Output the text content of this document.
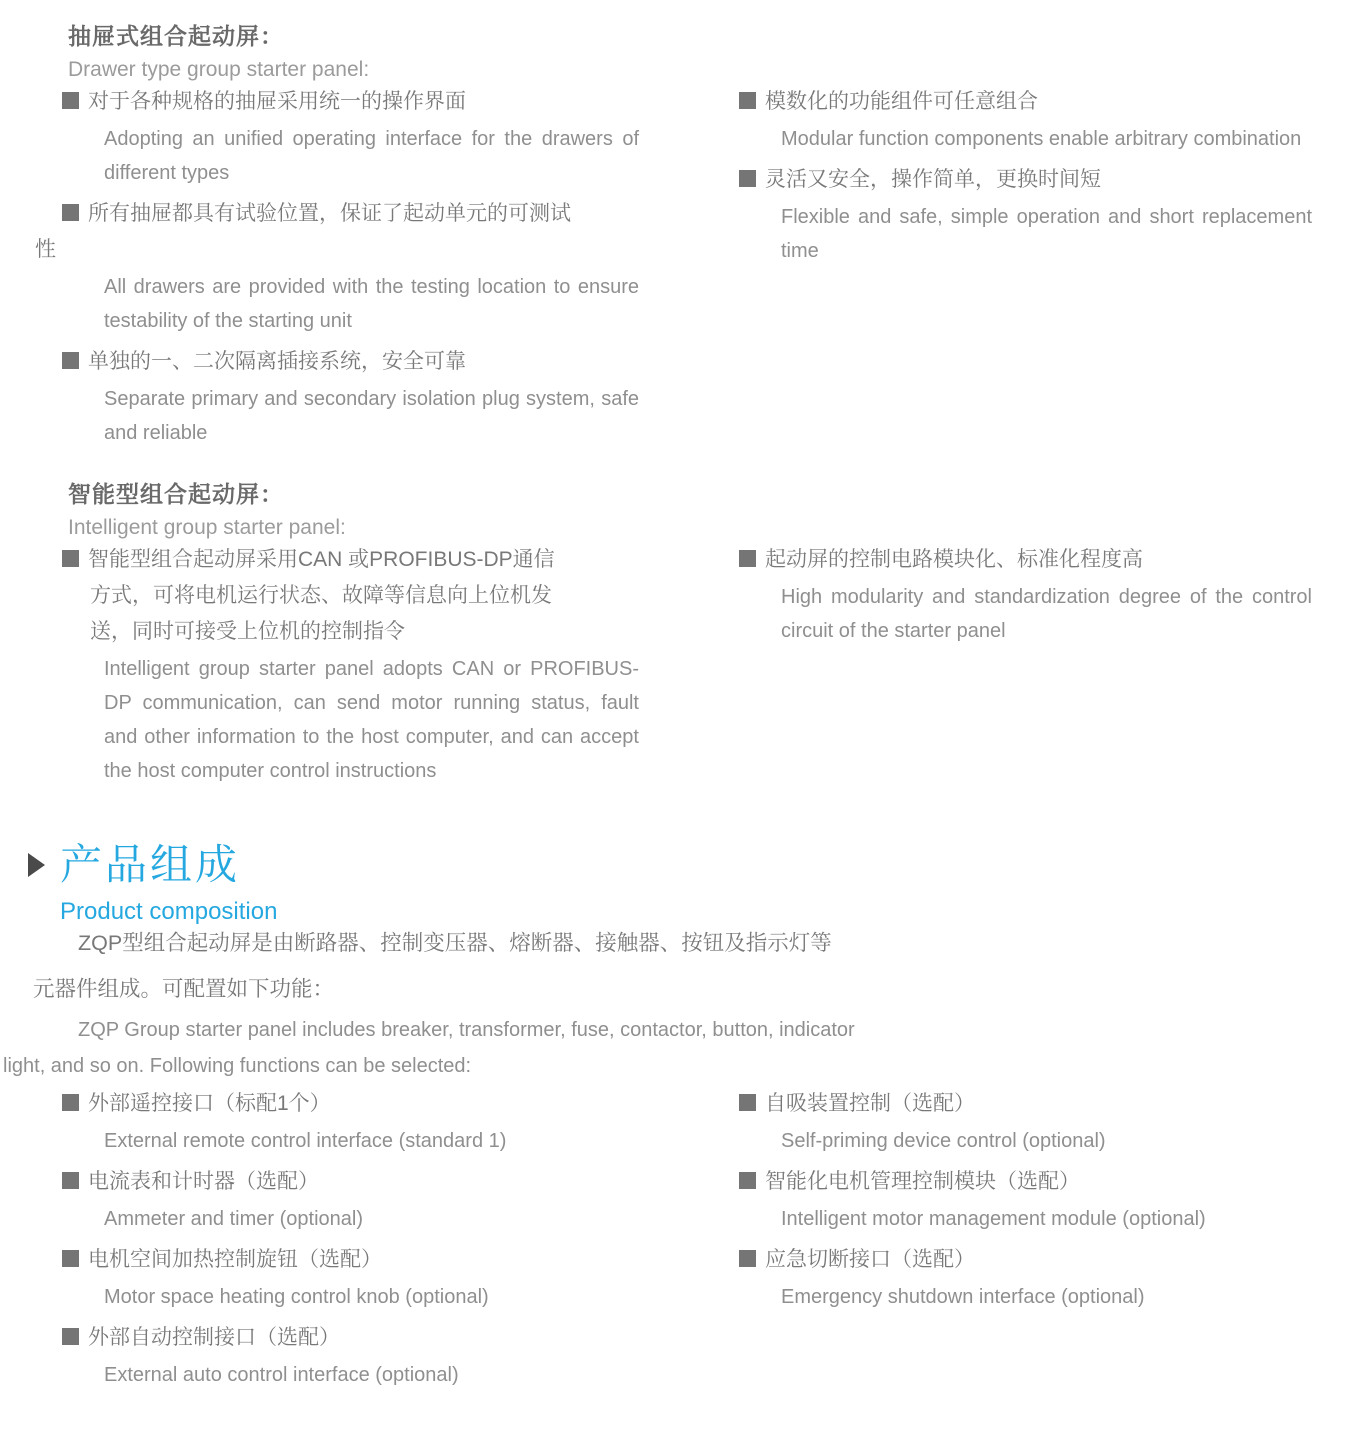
抽屉式组合起动屏：
Drawer type group starter panel:
对于各种规格的抽屉采用统一的操作界面
Adopting an unified operating interface for the drawers of different types
所有抽屉都具有试验位置，保证了起动单元的可测试
性
All drawers are provided with the testing location to ensure testability of the starting unit
单独的一、二次隔离插接系统，安全可靠
Separate primary and secondary isolation plug system, safe and reliable
模数化的功能组件可任意组合
Modular function components enable arbitrary combination
灵活又安全，操作简单，更换时间短
Flexible and safe, simple operation and short replacement time
智能型组合起动屏：
Intelligent group starter panel:
智能型组合起动屏采用CAN 或PROFIBUS-DP通信
方式，可将电机运行状态、故障等信息向上位机发
送，同时可接受上位机的控制指令
Intelligent group starter panel adopts CAN or PROFIBUS-DP communication, can send motor running status, fault and other information to the host computer, and can accept the host computer control instructions
起动屏的控制电路模块化、标准化程度高
High modularity and standardization degree of the control circuit of the starter panel
产品组成
Product composition
ZQP型组合起动屏是由断路器、控制变压器、熔断器、接触器、按钮及指示灯等
元器件组成。可配置如下功能：
ZQP Group starter panel includes breaker, transformer, fuse, contactor, button, indicator
light, and so on. Following functions can be selected:
外部遥控接口（标配1个）
External remote control interface (standard 1)
电流表和计时器（选配）
Ammeter and timer (optional)
电机空间加热控制旋钮（选配）
Motor space heating control knob (optional)
外部自动控制接口（选配）
External auto control interface (optional)
自吸装置控制（选配）
Self-priming device control (optional)
智能化电机管理控制模块（选配）
Intelligent motor management module (optional)
应急切断接口（选配）
Emergency shutdown interface (optional)
